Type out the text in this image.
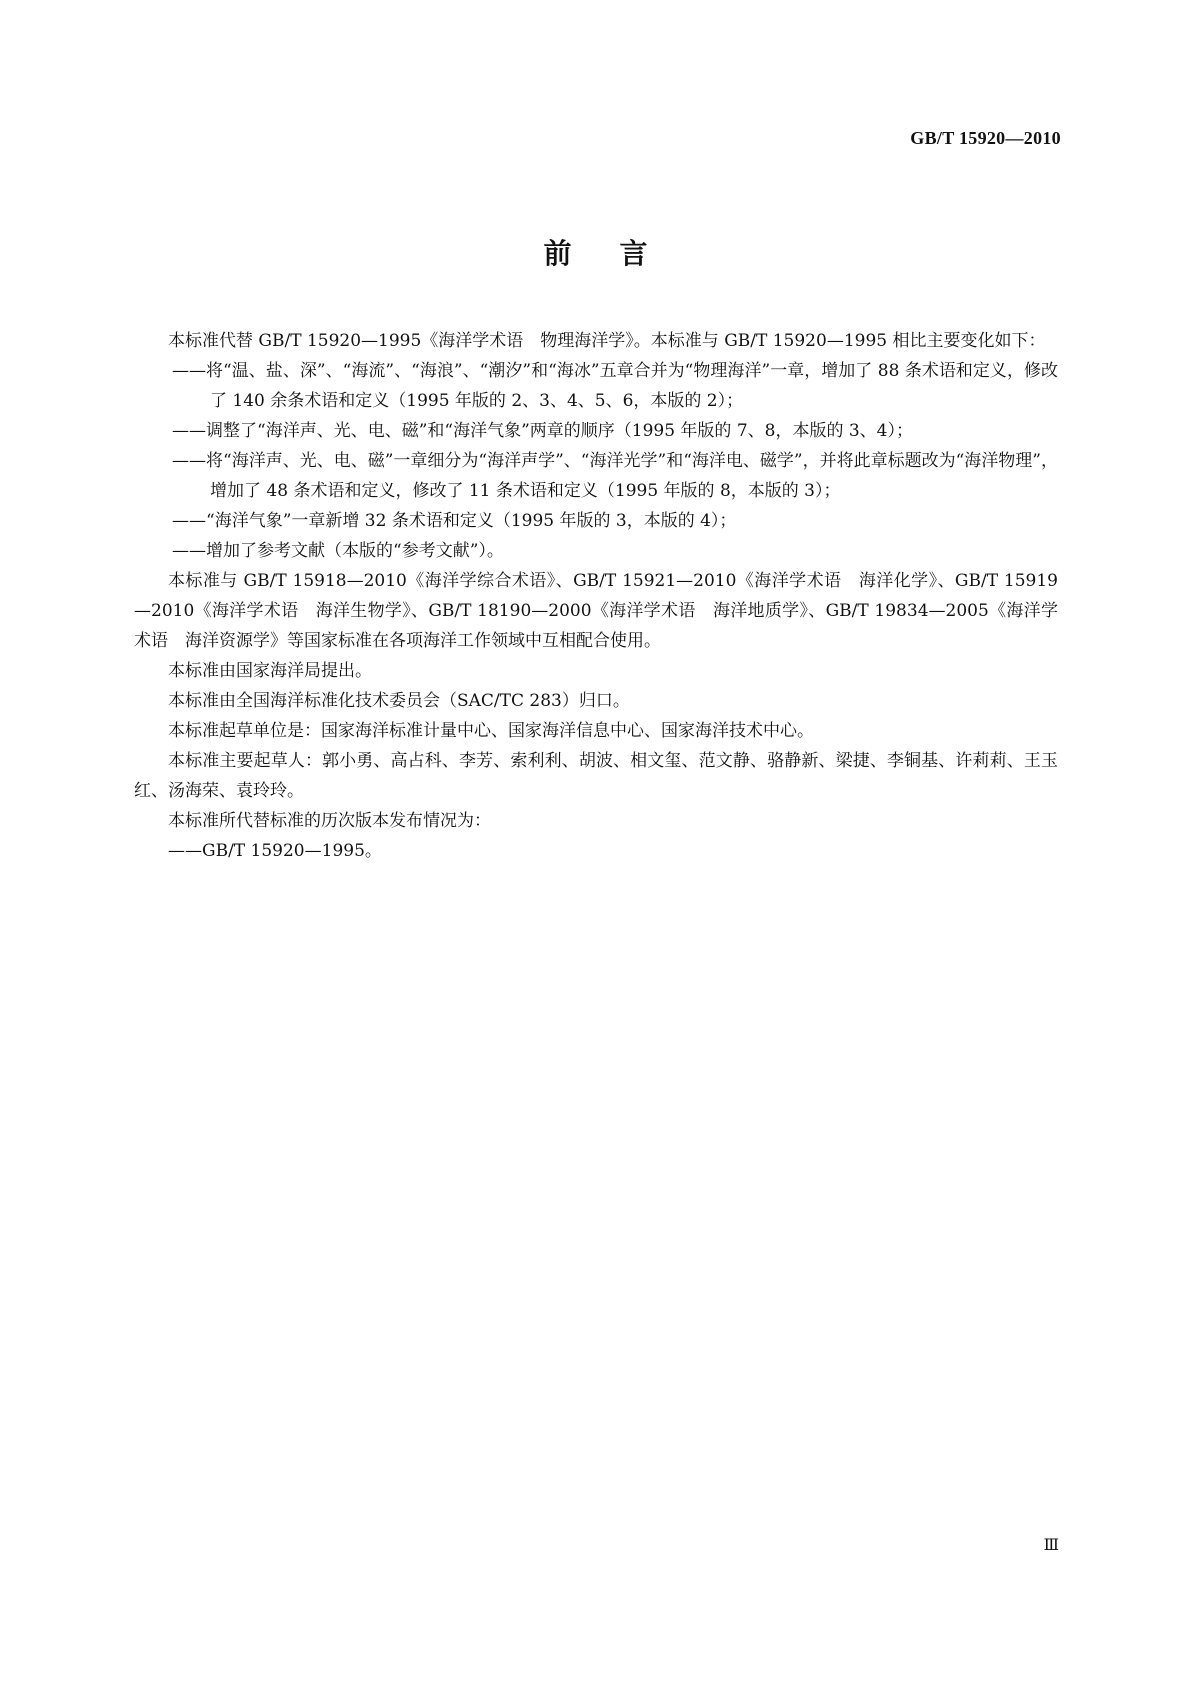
GB/T 15920—2010
前言

本标准代替 GB/T 15920—1995《海洋学术语　物理海洋学》。本标准与 GB/T 15920—1995 相比主要变化如下：

——将“温、盐、深”、“海流”、“海浪”、“潮汐”和“海冰”五章合并为“物理海洋”一章，增加了 88 条术语和定义，修改了 140 余条术语和定义（1995 年版的 2、3、4、5、6，本版的 2）；

——调整了“海洋声、光、电、磁”和“海洋气象”两章的顺序（1995 年版的 7、8，本版的 3、4）；

——将“海洋声、光、电、磁”一章细分为“海洋声学”、“海洋光学”和“海洋电、磁学”，并将此章标题改为“海洋物理”，增加了 48 条术语和定义，修改了 11 条术语和定义（1995 年版的 8，本版的 3）；

——“海洋气象”一章新增 32 条术语和定义（1995 年版的 3，本版的 4）；

——增加了参考文献（本版的“参考文献”）。

本标准与 GB/T 15918—2010《海洋学综合术语》、GB/T 15921—2010《海洋学术语　海洋化学》、GB/T 15919—2010《海洋学术语　海洋生物学》、GB/T 18190—2000《海洋学术语　海洋地质学》、GB/T 19834—2005《海洋学术语　海洋资源学》等国家标准在各项海洋工作领域中互相配合使用。

本标准由国家海洋局提出。

本标准由全国海洋标准化技术委员会（SAC/TC 283）归口。

本标准起草单位是：国家海洋标准计量中心、国家海洋信息中心、国家海洋技术中心。

本标准主要起草人：郭小勇、高占科、李芳、索利利、胡波、相文玺、范文静、骆静新、梁捷、李铜基、许莉莉、王玉红、汤海荣、袁玲玲。

本标准所代替标准的历次版本发布情况为：

——GB/T 15920—1995。

Ⅲ
